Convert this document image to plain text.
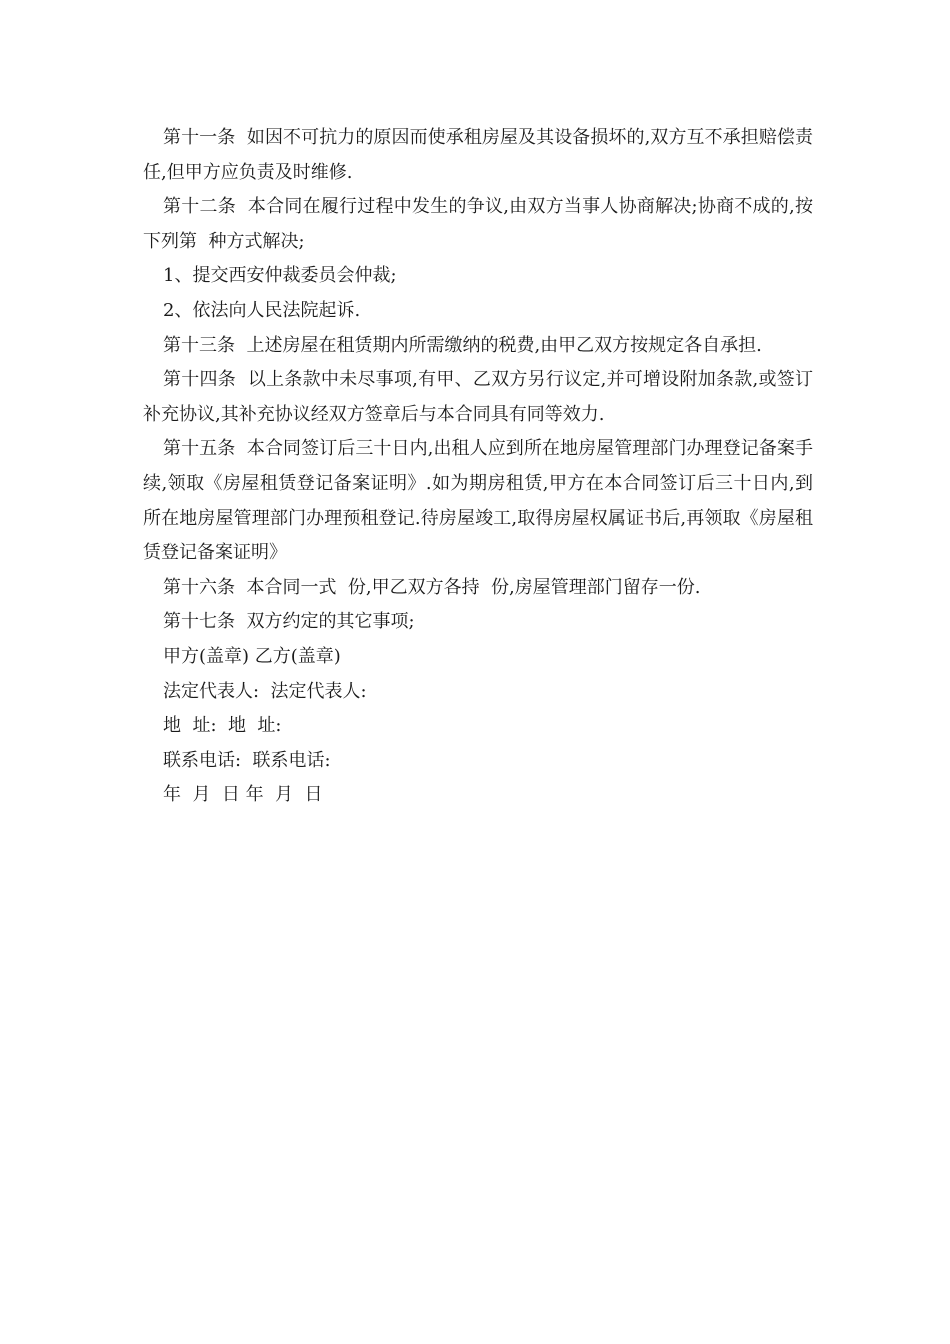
第十一条  如因不可抗力的原因而使承租房屋及其设备损坏的,双方互不承担赔偿责任,但甲方应负责及时维修.

第十二条  本合同在履行过程中发生的争议,由双方当事人协商解决;协商不成的,按下列第  种方式解决;

1、提交西安仲裁委员会仲裁;

2、依法向人民法院起诉.

第十三条  上述房屋在租赁期内所需缴纳的税费,由甲乙双方按规定各自承担.

第十四条  以上条款中未尽事项,有甲、乙双方另行议定,并可增设附加条款,或签订补充协议,其补充协议经双方签章后与本合同具有同等效力.

第十五条  本合同签订后三十日内,出租人应到所在地房屋管理部门办理登记备案手续,领取《房屋租赁登记备案证明》.如为期房租赁,甲方在本合同签订后三十日内,到所在地房屋管理部门办理预租登记.待房屋竣工,取得房屋权属证书后,再领取《房屋租赁登记备案证明》

第十六条  本合同一式  份,甲乙双方各持  份,房屋管理部门留存一份.

第十七条  双方约定的其它事项;

甲方(盖章) 乙方(盖章)

法定代表人:  法定代表人:

地  址:  地  址:

联系电话:  联系电话:

年  月  日 年  月  日
